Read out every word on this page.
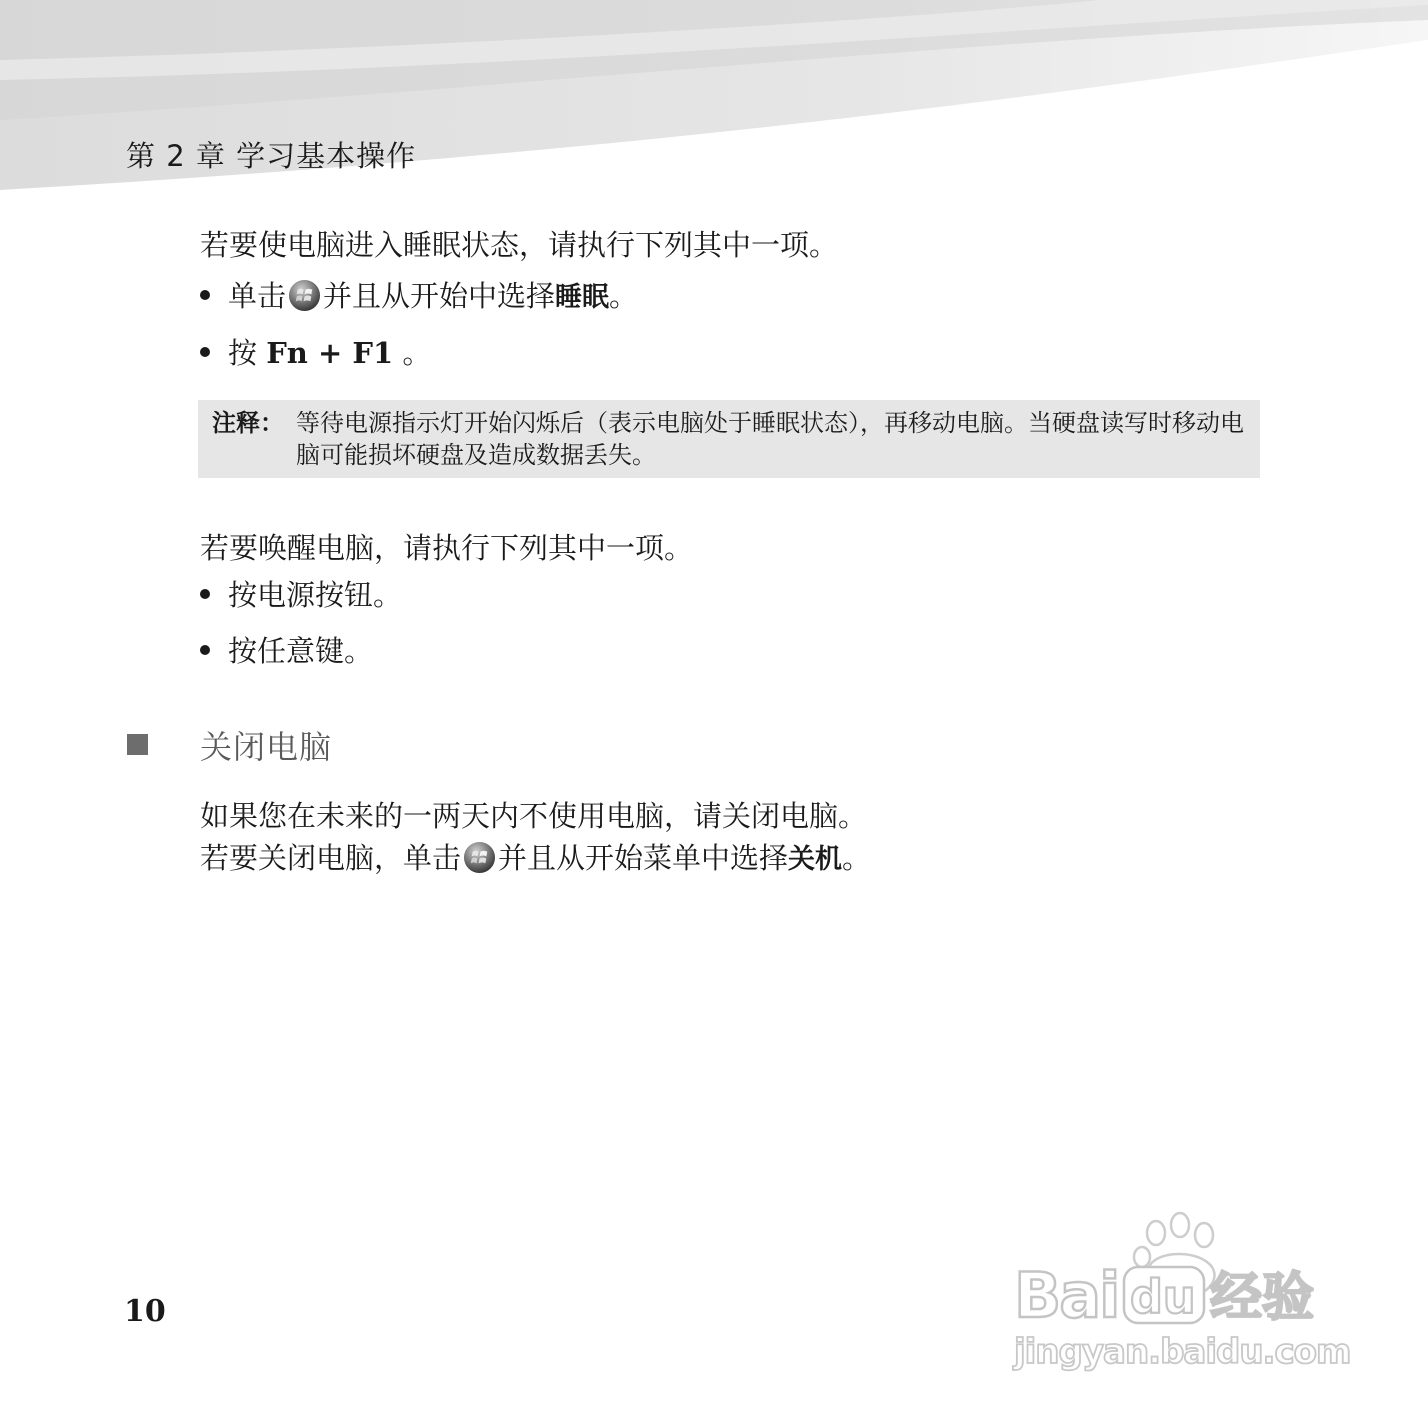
第 2 章 学习基本操作
若要使电脑进入睡眠状态，请执行下列其中一项。
单击 并且从开始中选择睡眠。
按 Fn + F1 。
注释： 等待电源指示灯开始闪烁后（表示电脑处于睡眠状态），再移动电脑。当硬盘读写时移动电脑可能损坏硬盘及造成数据丢失。
若要唤醒电脑，请执行下列其中一项。
按电源按钮。
按任意键。
关闭电脑
如果您在未来的一两天内不使用电脑，请关闭电脑。
若要关闭电脑，单击 并且从开始菜单中选择关机。
10	Bai du 经验
jingyan.baidu.com
